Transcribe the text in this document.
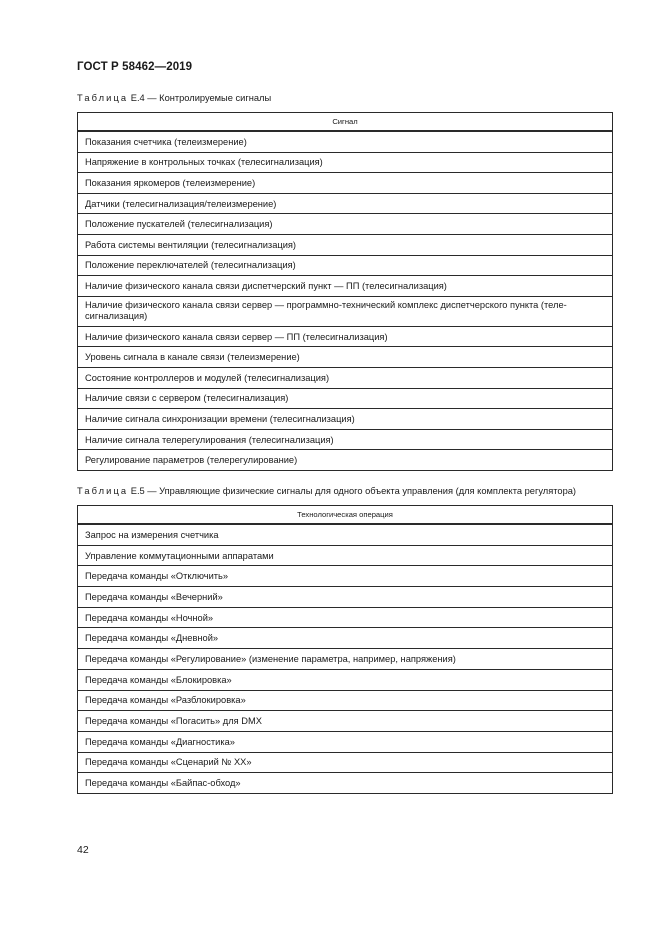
ГОСТ Р 58462—2019
Таблица Е.4 — Контролируемые сигналы
Сигнал
Показания счетчика (телеизмерение)
Напряжение в контрольных точках (телесигнализация)
Показания яркомеров (телеизмерение)
Датчики (телесигнализация/телеизмерение)
Положение пускателей (телесигнализация)
Работа системы вентиляции (телесигнализация)
Положение переключателей (телесигнализация)
Наличие физического канала связи диспетчерский пункт — ПП (телесигнализация)
Наличие физического канала связи сервер — программно-технический комплекс диспетчерского пункта (теле-сигнализация)
Наличие физического канала связи сервер — ПП (телесигнализация)
Уровень сигнала в канале связи (телеизмерение)
Состояние контроллеров и модулей (телесигнализация)
Наличие связи с сервером (телесигнализация)
Наличие сигнала синхронизации времени (телесигнализация)
Наличие сигнала телерегулирования (телесигнализация)
Регулирование параметров (телерегулирование)
Таблица Е.5 — Управляющие физические сигналы для одного объекта управления (для комплекта регулятора)
Технологическая операция
Запрос на измерения счетчика
Управление коммутационными аппаратами
Передача команды «Отключить»
Передача команды «Вечерний»
Передача команды «Ночной»
Передача команды «Дневной»
Передача команды «Регулирование» (изменение параметра, например, напряжения)
Передача команды «Блокировка»
Передача команды «Разблокировка»
Передача команды «Погасить» для DMX
Передача команды «Диагностика»
Передача команды «Сценарий № XX»
Передача команды «Байпас-обход»
42
